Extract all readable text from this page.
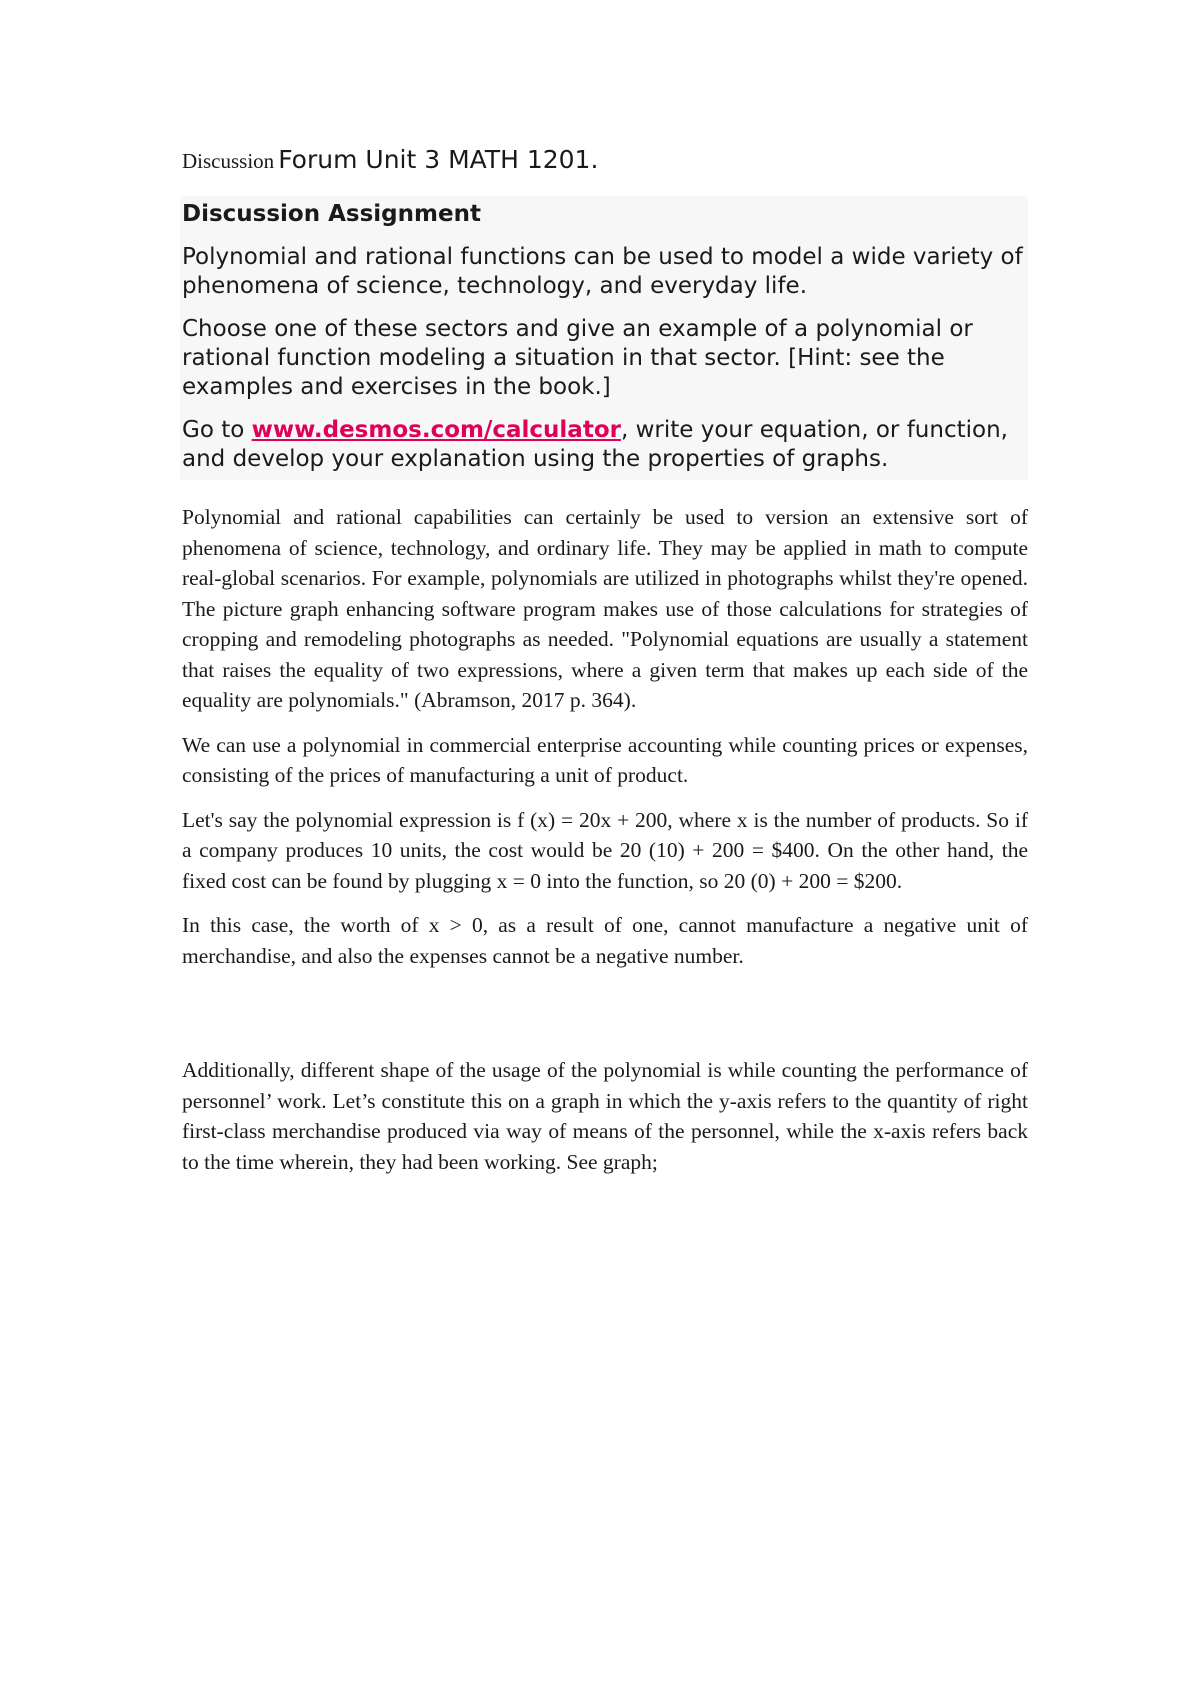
Discussion Forum Unit 3 MATH 1201.
Discussion Assignment

Polynomial and rational functions can be used to model a wide variety of phenomena of science, technology, and everyday life.

Choose one of these sectors and give an example of a polynomial or rational function modeling a situation in that sector. [Hint: see the examples and exercises in the book.]

Go to www.desmos.com/calculator, write your equation, or function, and develop your explanation using the properties of graphs.

Polynomial and rational capabilities can certainly be used to version an extensive sort of phenomena of science, technology, and ordinary life. They may be applied in math to compute real-global scenarios. For example, polynomials are utilized in photographs whilst they're opened. The picture graph enhancing software program makes use of those calculations for strategies of cropping and remodeling photographs as needed. "Polynomial equations are usually a statement that raises the equality of two expressions, where a given term that makes up each side of the equality are polynomials." (Abramson, 2017 p. 364).

We can use a polynomial in commercial enterprise accounting while counting prices or expenses, consisting of the prices of manufacturing a unit of product.

Let's say the polynomial expression is f (x) = 20x + 200, where x is the number of products. So if a company produces 10 units, the cost would be 20 (10) + 200 = $400. On the other hand, the fixed cost can be found by plugging x = 0 into the function, so 20 (0) + 200 = $200.

In this case, the worth of x > 0, as a result of one, cannot manufacture a negative unit of merchandise, and also the expenses cannot be a negative number.

Additionally, different shape of the usage of the polynomial is while counting the performance of personnel’ work. Let’s constitute this on a graph in which the y-axis refers to the quantity of right first-class merchandise produced via way of means of the personnel, while the x-axis refers back to the time wherein, they had been working. See graph;
